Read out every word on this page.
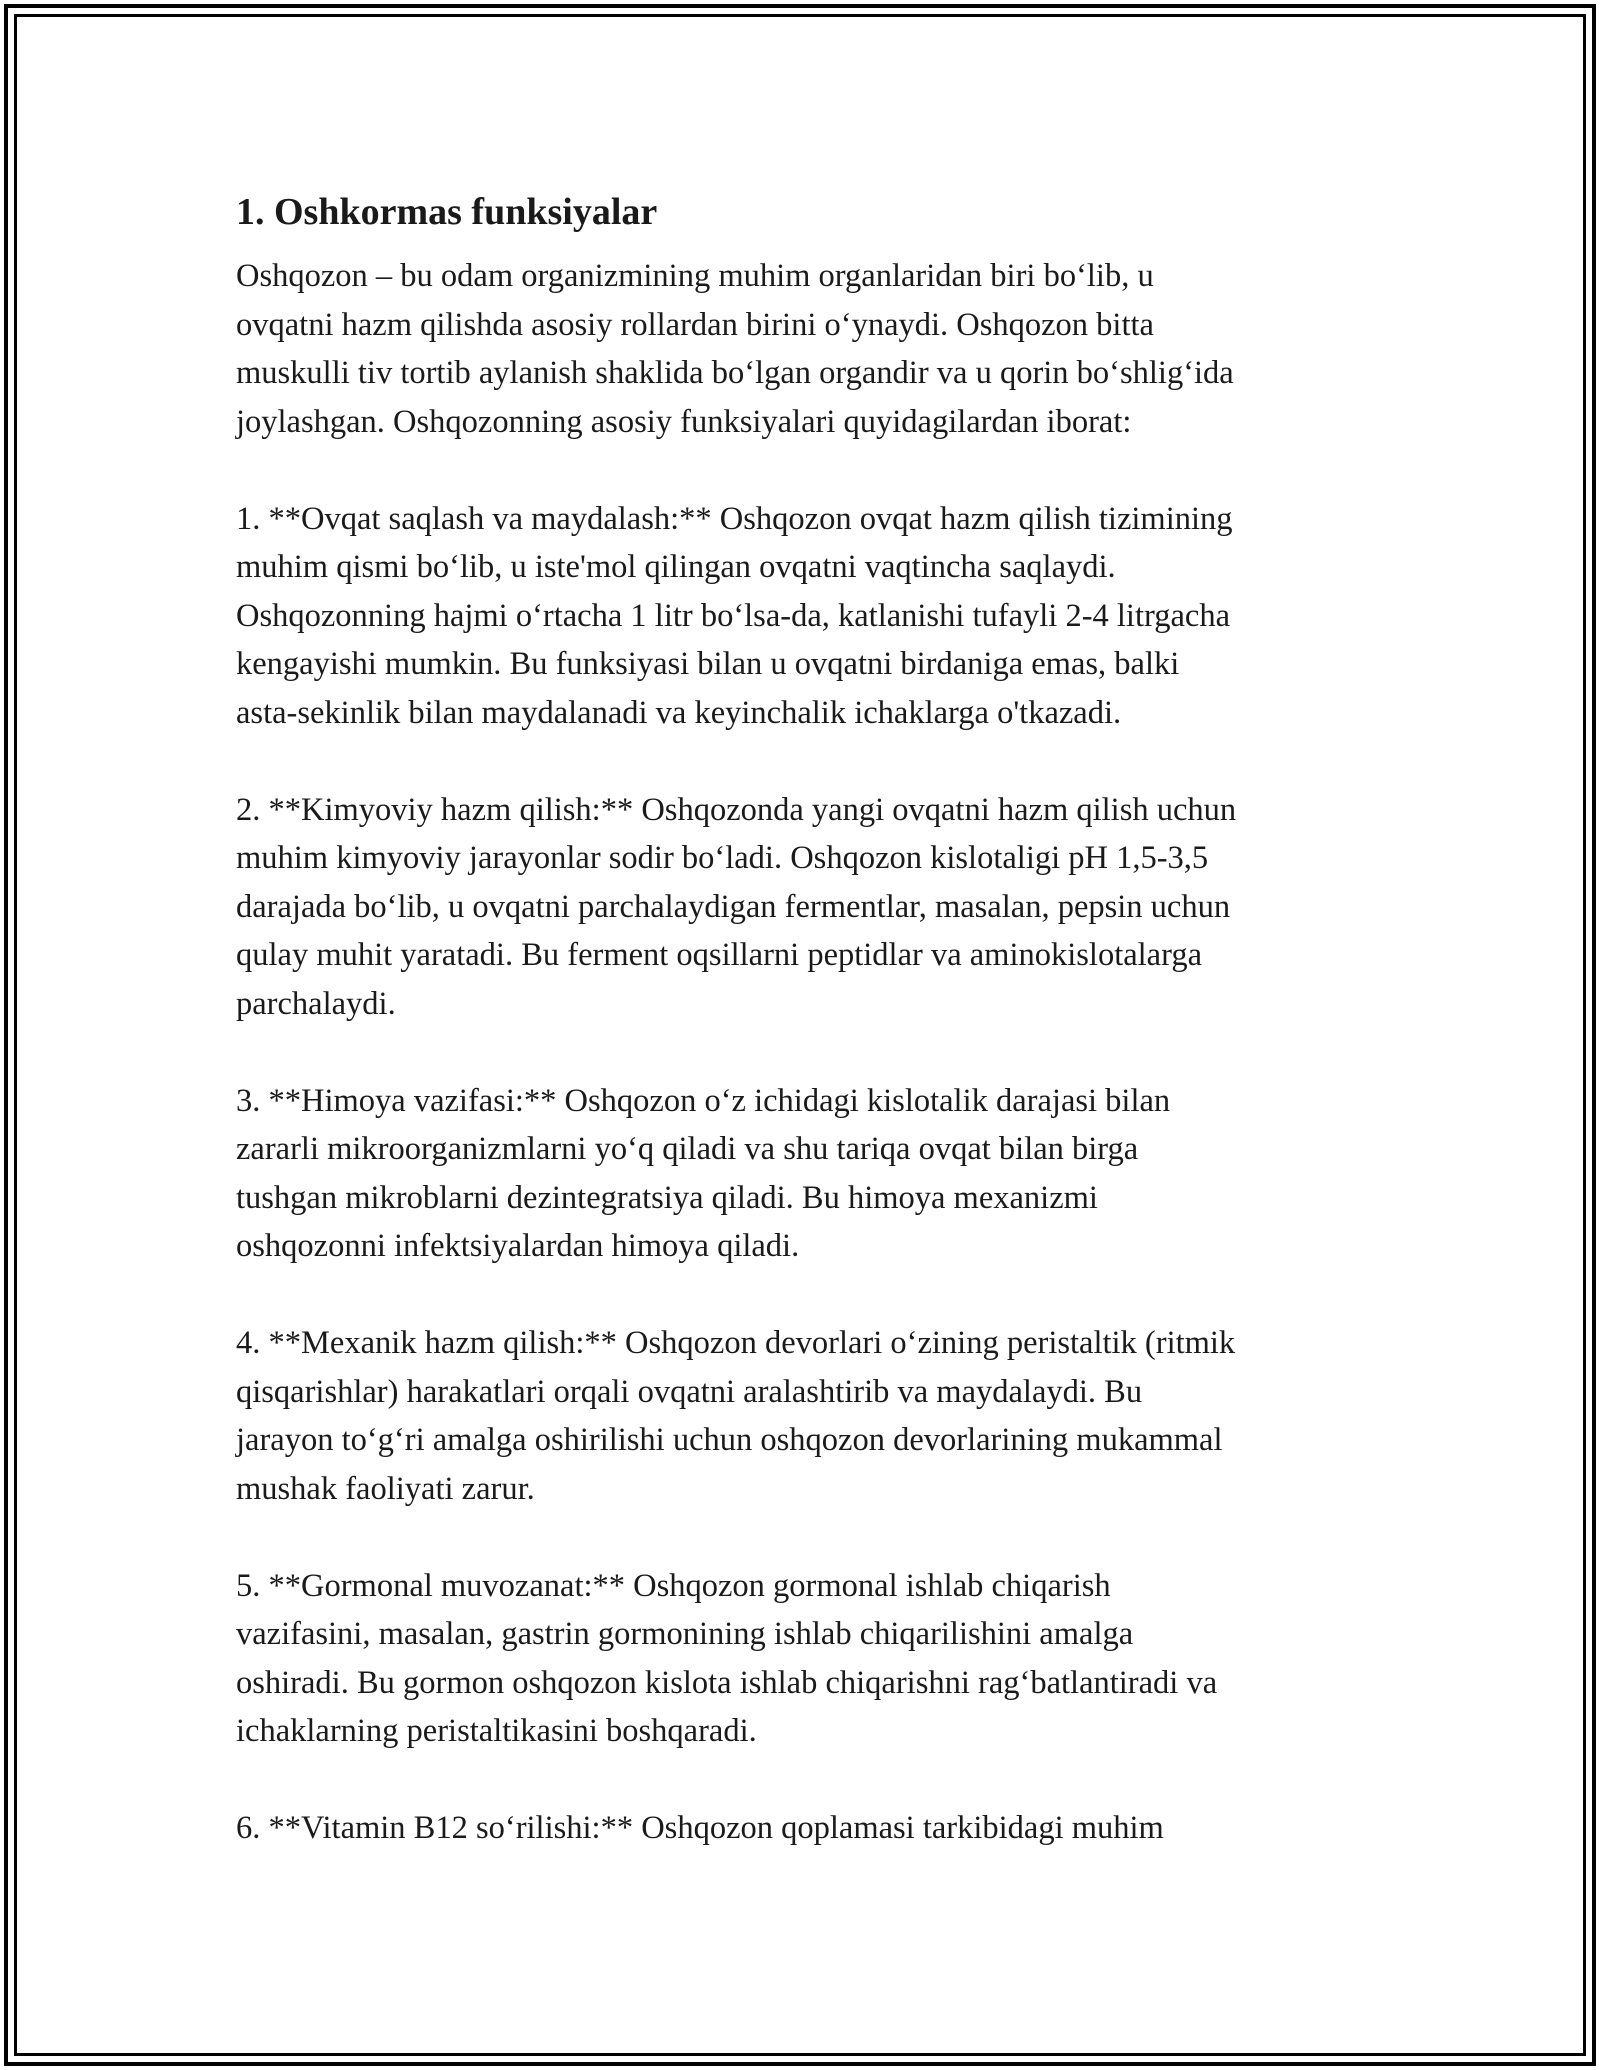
1. Oshkormas funksiyalar

Oshqozon – bu odam organizmining muhim organlaridan biri bo‘lib, u
ovqatni hazm qilishda asosiy rollardan birini o‘ynaydi. Oshqozon bitta
muskulli tiv tortib aylanish shaklida bo‘lgan organdir va u qorin bo‘shlig‘ida
joylashgan. Oshqozonning asosiy funksiyalari quyidagilardan iborat:

1. **Ovqat saqlash va maydalash:** Oshqozon ovqat hazm qilish tizimining
muhim qismi bo‘lib, u iste'mol qilingan ovqatni vaqtincha saqlaydi.
Oshqozonning hajmi o‘rtacha 1 litr bo‘lsa-da, katlanishi tufayli 2-4 litrgacha
kengayishi mumkin. Bu funksiyasi bilan u ovqatni birdaniga emas, balki
asta-sekinlik bilan maydalanadi va keyinchalik ichaklarga o'tkazadi.

2. **Kimyoviy hazm qilish:** Oshqozonda yangi ovqatni hazm qilish uchun
muhim kimyoviy jarayonlar sodir bo‘ladi. Oshqozon kislotaligi pH 1,5-3,5
darajada bo‘lib, u ovqatni parchalaydigan fermentlar, masalan, pepsin uchun
qulay muhit yaratadi. Bu ferment oqsillarni peptidlar va aminokislotalarga
parchalaydi.

3. **Himoya vazifasi:** Oshqozon o‘z ichidagi kislotalik darajasi bilan
zararli mikroorganizmlarni yo‘q qiladi va shu tariqa ovqat bilan birga
tushgan mikroblarni dezintegratsiya qiladi. Bu himoya mexanizmi
oshqozonni infektsiyalardan himoya qiladi.

4. **Mexanik hazm qilish:** Oshqozon devorlari o‘zining peristaltik (ritmik
qisqarishlar) harakatlari orqali ovqatni aralashtirib va maydalaydi. Bu
jarayon to‘g‘ri amalga oshirilishi uchun oshqozon devorlarining mukammal
mushak faoliyati zarur.

5. **Gormonal muvozanat:** Oshqozon gormonal ishlab chiqarish
vazifasini, masalan, gastrin gormonining ishlab chiqarilishini amalga
oshiradi. Bu gormon oshqozon kislota ishlab chiqarishni rag‘batlantiradi va
ichaklarning peristaltikasini boshqaradi.

6. **Vitamin B12 so‘rilishi:** Oshqozon qoplamasi tarkibidagi muhim
